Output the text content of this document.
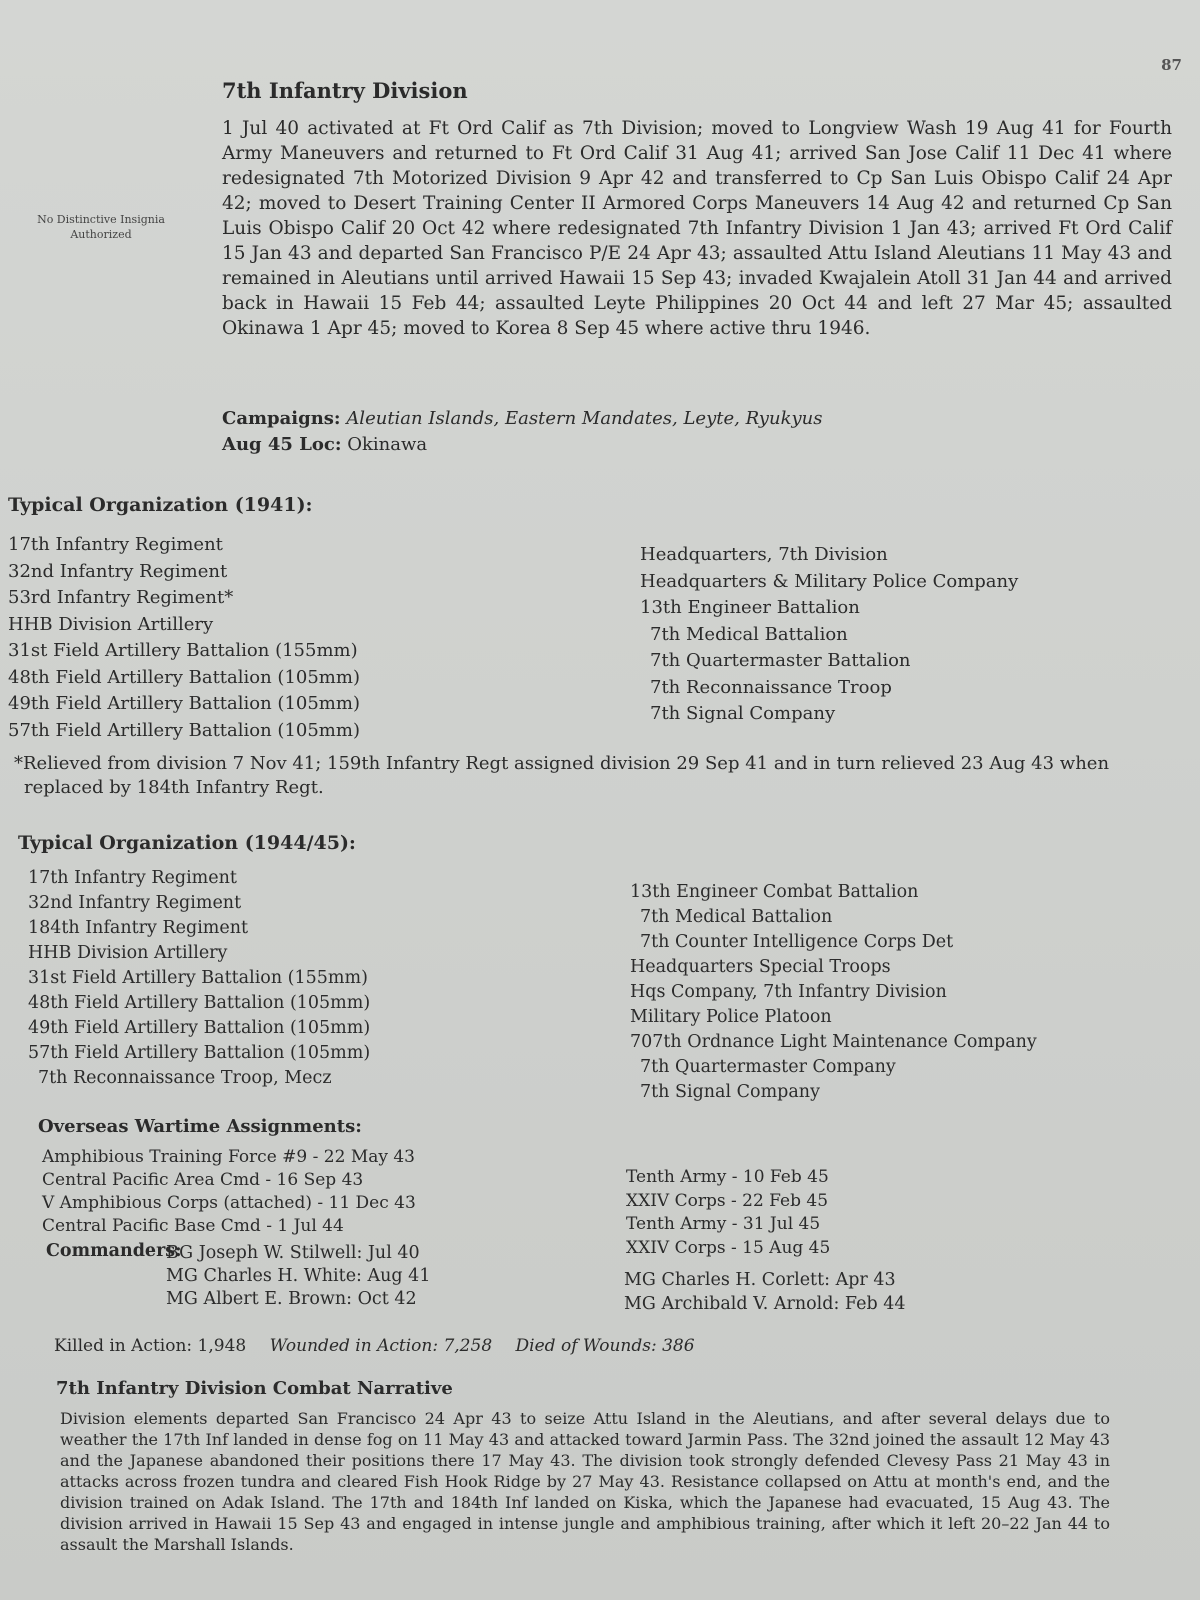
87
7th Infantry Division
No Distinctive Insignia Authorized

1 Jul 40 activated at Ft Ord Calif as 7th Division; moved to Longview Wash 19 Aug 41 for Fourth Army Maneuvers and returned to Ft Ord Calif 31 Aug 41; arrived San Jose Calif 11 Dec 41 where redesignated 7th Motorized Division 9 Apr 42 and transferred to Cp San Luis Obispo Calif 24 Apr 42; moved to Desert Training Center II Armored Corps Maneuvers 14 Aug 42 and returned Cp San Luis Obispo Calif 20 Oct 42 where redesignated 7th Infantry Division 1 Jan 43; arrived Ft Ord Calif 15 Jan 43 and departed San Francisco P/E 24 Apr 43; assaulted Attu Island Aleutians 11 May 43 and remained in Aleutians until arrived Hawaii 15 Sep 43; invaded Kwajalein Atoll 31 Jan 44 and arrived back in Hawaii 15 Feb 44; assaulted Leyte Philippines 20 Oct 44 and left 27 Mar 45; assaulted Okinawa 1 Apr 45; moved to Korea 8 Sep 45 where active thru 1946.

Campaigns: Aleutian Islands, Eastern Mandates, Leyte, Ryukyus
Aug 45 Loc: Okinawa
Typical Organization (1941):
17th Infantry Regiment
32nd Infantry Regiment
53rd Infantry Regiment*
HHB Division Artillery
31st Field Artillery Battalion (155mm)
48th Field Artillery Battalion (105mm)
49th Field Artillery Battalion (105mm)
57th Field Artillery Battalion (105mm)
Headquarters, 7th Division
Headquarters & Military Police Company
13th Engineer Battalion
7th Medical Battalion
7th Quartermaster Battalion
7th Reconnaissance Troop
7th Signal Company

*Relieved from division 7 Nov 41; 159th Infantry Regt assigned division 29 Sep 41 and in turn relieved 23 Aug 43 when
replaced by 184th Infantry Regt.

Typical Organization (1944/45):
17th Infantry Regiment
32nd Infantry Regiment
184th Infantry Regiment
HHB Division Artillery
31st Field Artillery Battalion (155mm)
48th Field Artillery Battalion (105mm)
49th Field Artillery Battalion (105mm)
57th Field Artillery Battalion (105mm)
7th Reconnaissance Troop, Mecz
13th Engineer Combat Battalion
7th Medical Battalion
7th Counter Intelligence Corps Det
Headquarters Special Troops
Hqs Company, 7th Infantry Division
Military Police Platoon
707th Ordnance Light Maintenance Company
7th Quartermaster Company
7th Signal Company
Overseas Wartime Assignments:
Amphibious Training Force #9 - 22 May 43
Central Pacific Area Cmd - 16 Sep 43
V Amphibious Corps (attached) - 11 Dec 43
Central Pacific Base Cmd - 1 Jul 44
Tenth Army - 10 Feb 45
XXIV Corps - 22 Feb 45
Tenth Army - 31 Jul 45
XXIV Corps - 15 Aug 45
Commanders:
BG Joseph W. Stilwell: Jul 40
MG Charles H. White: Aug 41
MG Albert E. Brown: Oct 42
MG Charles H. Corlett: Apr 43
MG Archibald V. Arnold: Feb 44
Killed in Action: 1,948 Wounded in Action: 7,258 Died of Wounds: 386
7th Infantry Division Combat Narrative

Division elements departed San Francisco 24 Apr 43 to seize Attu Island in the Aleutians, and after several delays due to weather the 17th Inf landed in dense fog on 11 May 43 and attacked toward Jarmin Pass. The 32nd joined the assault 12 May 43 and the Japanese abandoned their positions there 17 May 43. The division took strongly defended Clevesy Pass 21 May 43 in attacks across frozen tundra and cleared Fish Hook Ridge by 27 May 43. Resistance collapsed on Attu at month's end, and the division trained on Adak Island. The 17th and 184th Inf landed on Kiska, which the Japanese had evacuated, 15 Aug 43. The division arrived in Hawaii 15 Sep 43 and engaged in intense jungle and amphibious training, after which it left 20–22 Jan 44 to assault the Marshall Islands.
